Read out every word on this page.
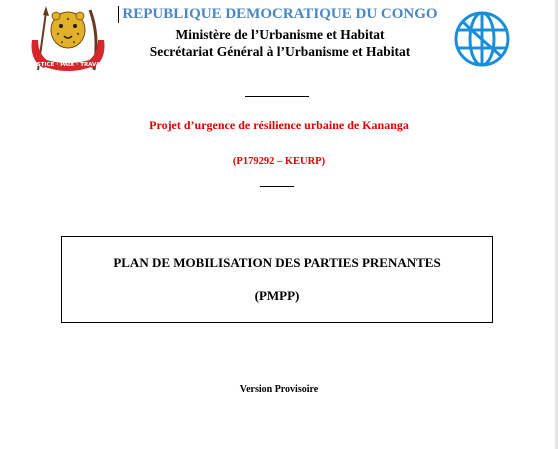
JUSTICE · PAIX · TRAVAIL
REPUBLIQUE DEMOCRATIQUE DU CONGO
Ministère de l’Urbanisme et Habitat
Secrétariat Général à l’Urbanisme et Habitat
Projet d’urgence de résilience urbaine de Kananga
(P179292 – KEURP)
PLAN DE MOBILISATION DES PARTIES PRENANTES
(PMPP)
Version Provisoire
